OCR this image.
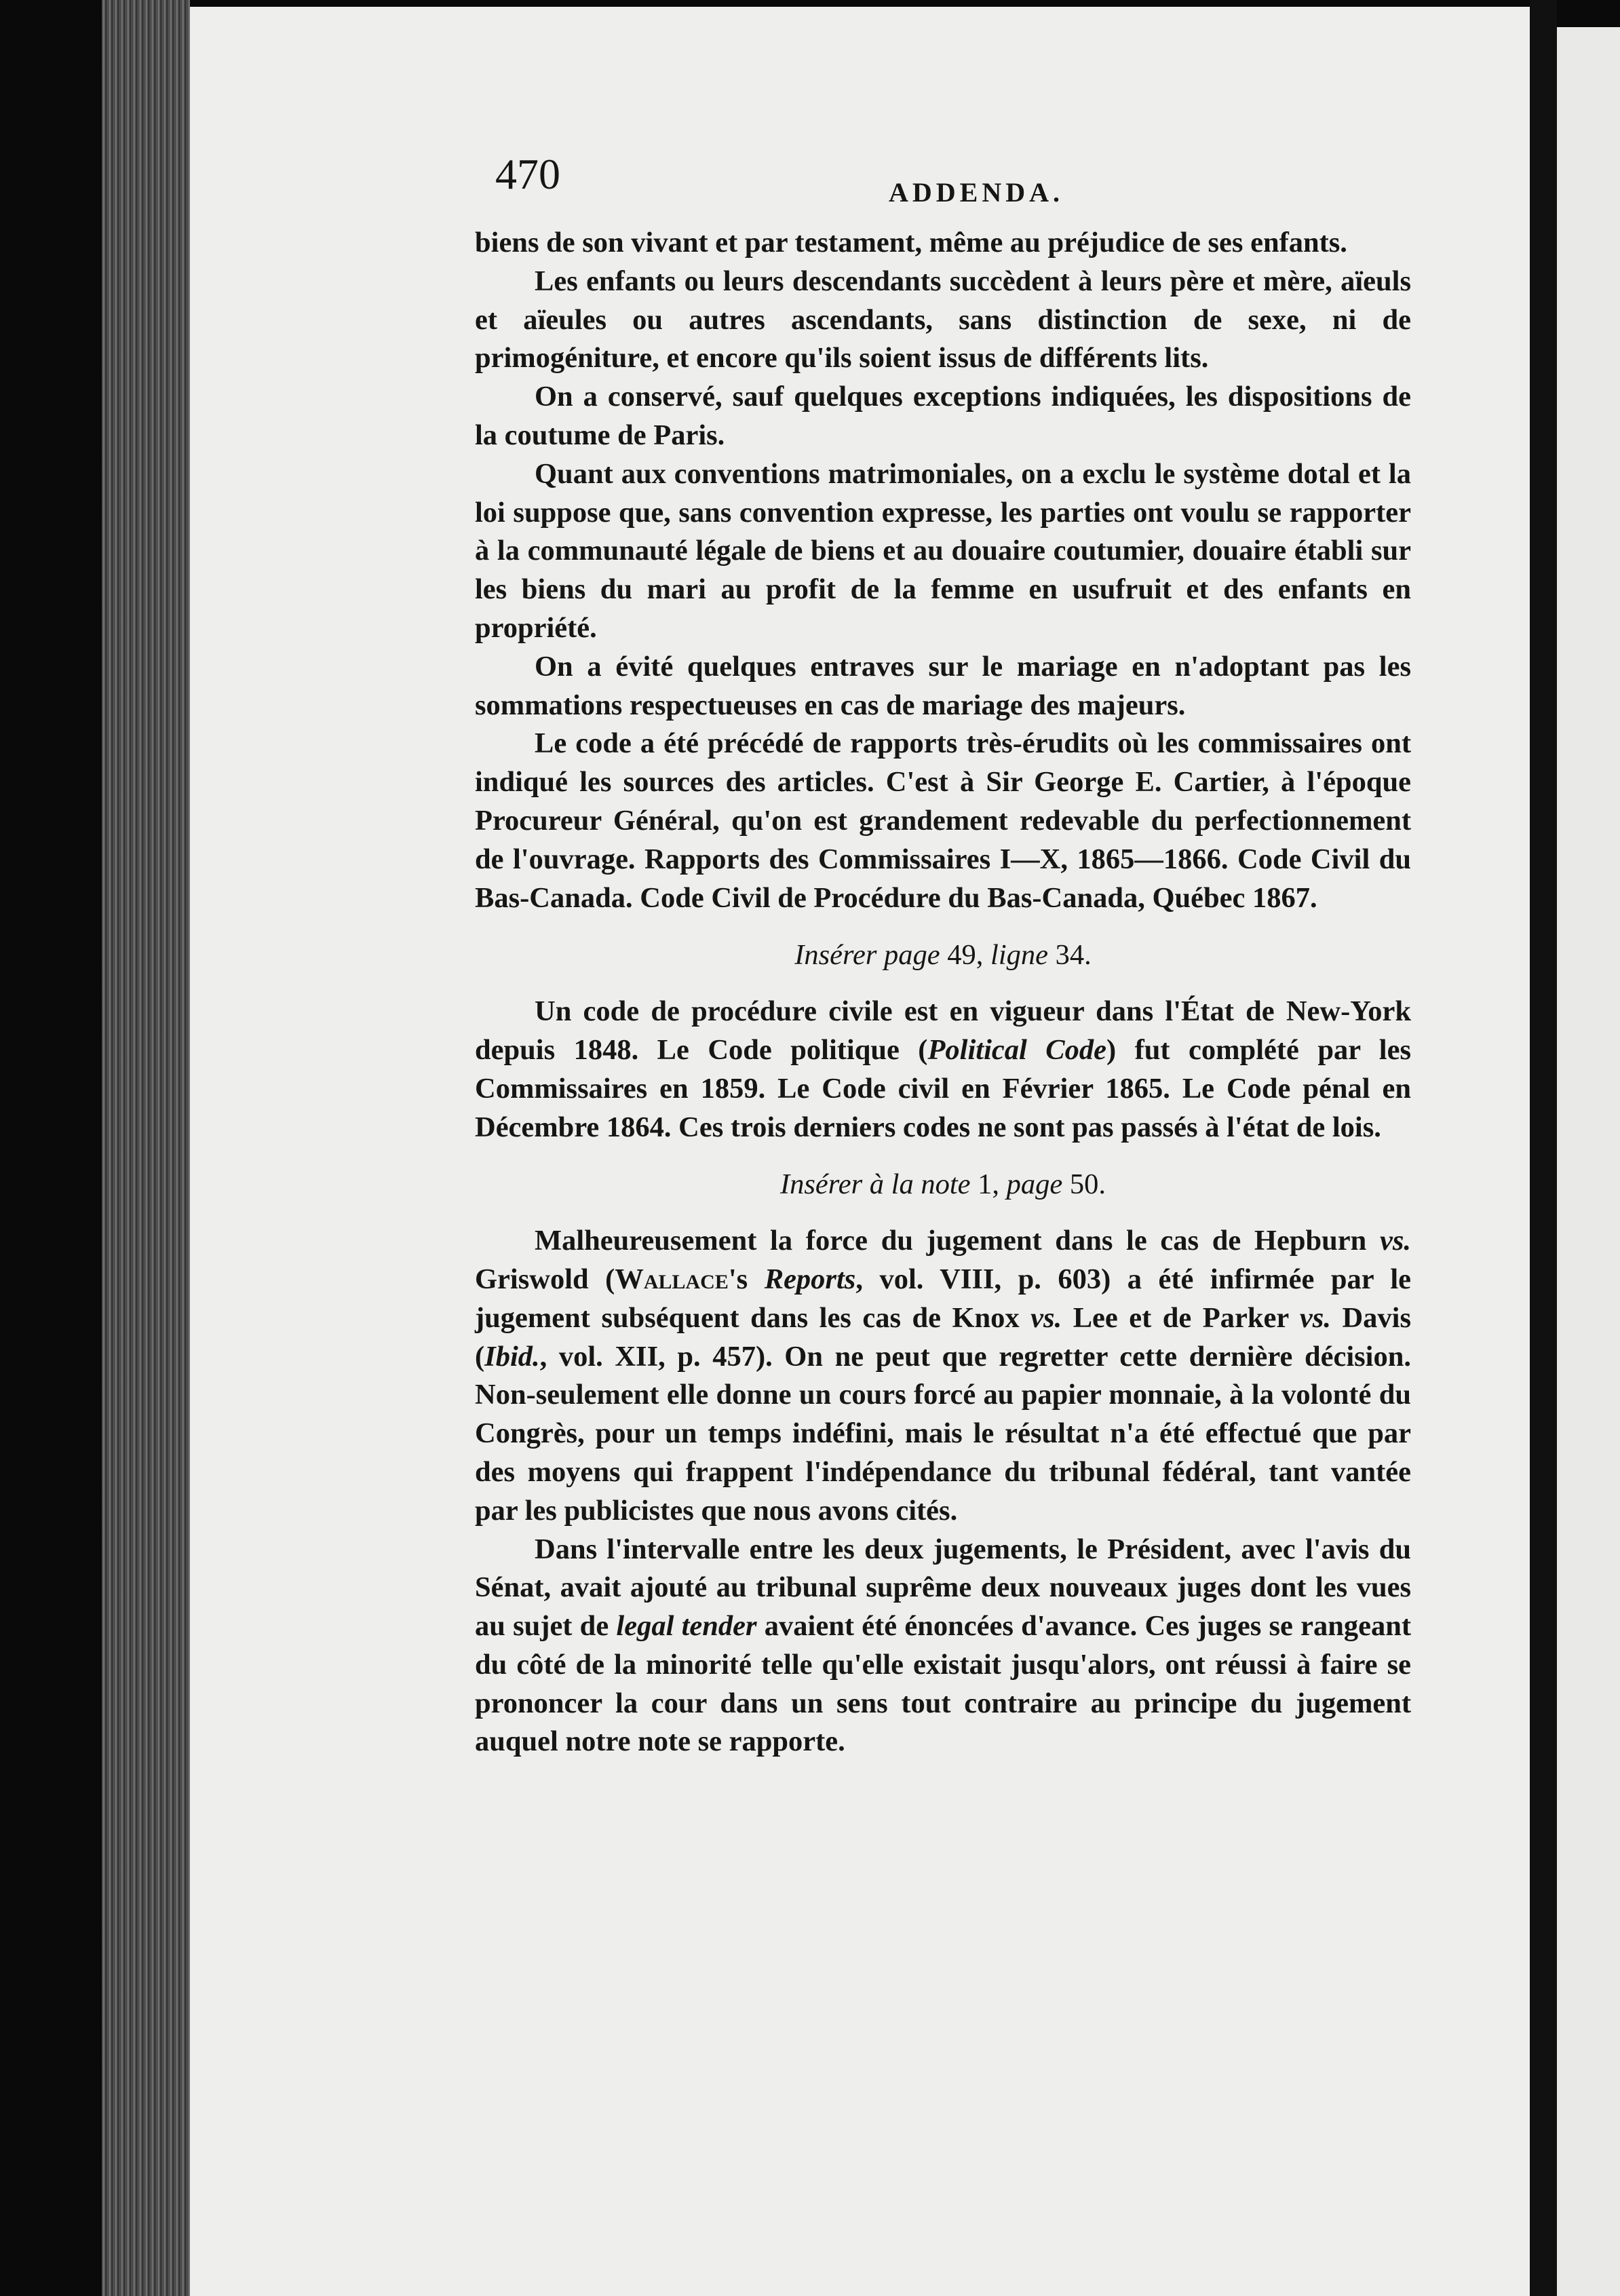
470	ADDENDA.

biens de son vivant et par testament, même au préjudice de ses enfants.

Les enfants ou leurs descendants succèdent à leurs père et mère, aïeuls et aïeules ou autres ascendants, sans distinction de sexe, ni de primogéniture, et encore qu'ils soient issus de différents lits.

On a conservé, sauf quelques exceptions indiquées, les dispositions de la coutume de Paris.

Quant aux conventions matrimoniales, on a exclu le système dotal et la loi suppose que, sans convention expresse, les parties ont voulu se rapporter à la communauté légale de biens et au douaire coutumier, douaire établi sur les biens du mari au profit de la femme en usufruit et des enfants en propriété.

On a évité quelques entraves sur le mariage en n'adoptant pas les sommations respectueuses en cas de mariage des majeurs.

Le code a été précédé de rapports très-érudits où les commissaires ont indiqué les sources des articles. C'est à Sir George E. Cartier, à l'époque Procureur Général, qu'on est grandement redevable du perfectionnement de l'ouvrage. Rapports des Commissaires I—X, 1865—1866. Code Civil du Bas-Canada. Code Civil de Procédure du Bas-Canada, Québec 1867.

Insérer page 49, ligne 34.

Un code de procédure civile est en vigueur dans l'État de New-York depuis 1848. Le Code politique (Political Code) fut complété par les Commissaires en 1859. Le Code civil en Février 1865. Le Code pénal en Décembre 1864. Ces trois derniers codes ne sont pas passés à l'état de lois.

Insérer à la note 1, page 50.

Malheureusement la force du jugement dans le cas de Hepburn vs. Griswold (Wallace's Reports, vol. VIII, p. 603) a été infirmée par le jugement subséquent dans les cas de Knox vs. Lee et de Parker vs. Davis (Ibid., vol. XII, p. 457). On ne peut que regretter cette dernière décision. Non-seulement elle donne un cours forcé au papier monnaie, à la volonté du Congrès, pour un temps indéfini, mais le résultat n'a été effectué que par des moyens qui frappent l'indépendance du tribunal fédéral, tant vantée par les publicistes que nous avons cités.

Dans l'intervalle entre les deux jugements, le Président, avec l'avis du Sénat, avait ajouté au tribunal suprême deux nouveaux juges dont les vues au sujet de legal tender avaient été énoncées d'avance. Ces juges se rangeant du côté de la minorité telle qu'elle existait jusqu'alors, ont réussi à faire se prononcer la cour dans un sens tout contraire au principe du jugement auquel notre note se rapporte.
